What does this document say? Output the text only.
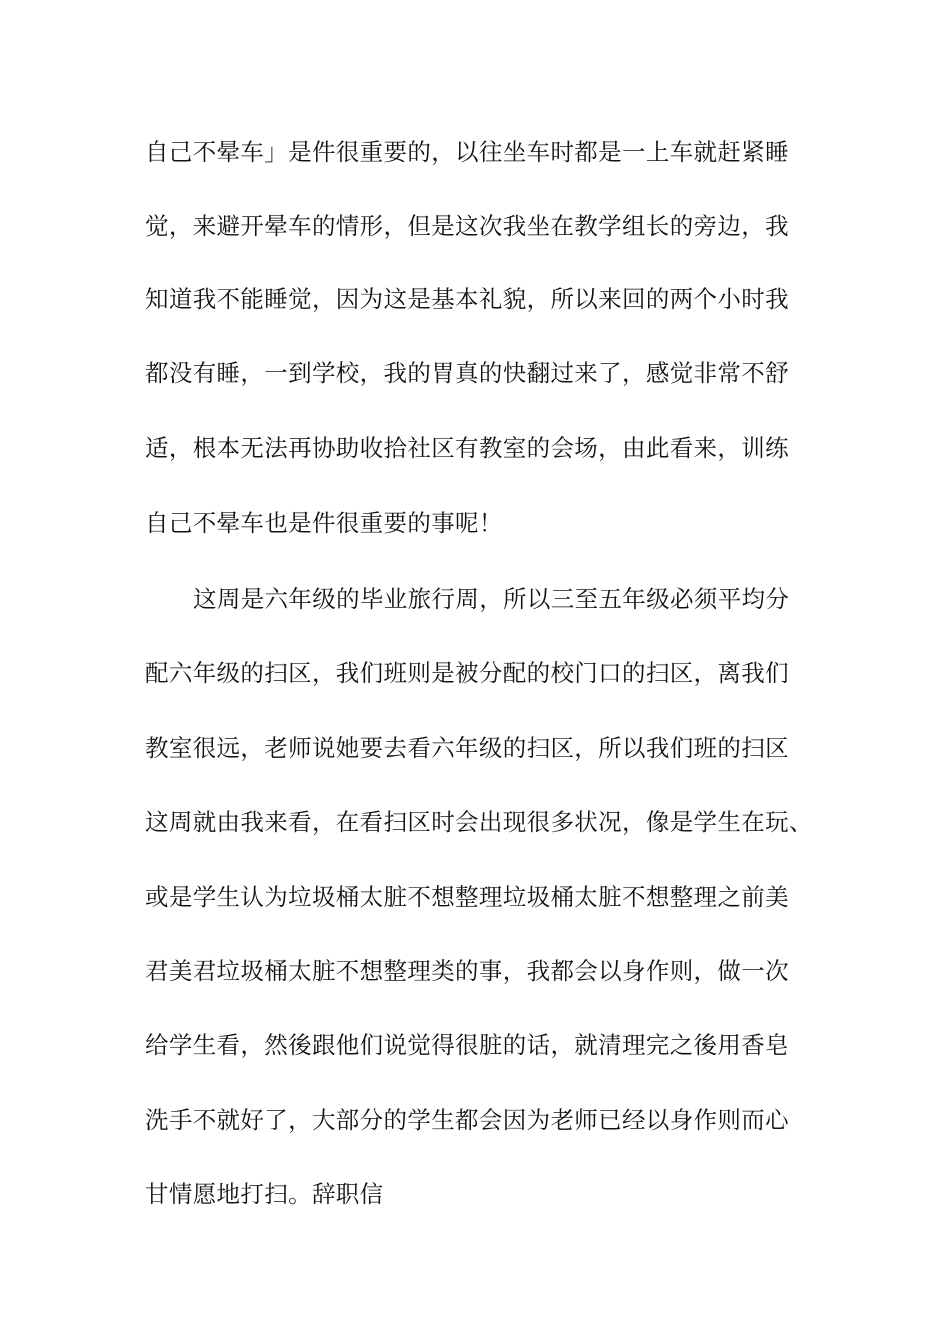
自己不晕车」是件很重要的，以往坐车时都是一上车就赶紧睡
觉，来避开晕车的情形，但是这次我坐在教学组长的旁边，我
知道我不能睡觉，因为这是基本礼貌，所以来回的两个小时我
都没有睡，一到学校，我的胃真的快翻过来了，感觉非常不舒
适，根本无法再协助收拾社区有教室的会场，由此看来，训练
自己不晕车也是件很重要的事呢！
这周是六年级的毕业旅行周，所以三至五年级必须平均分
配六年级的扫区，我们班则是被分配的校门口的扫区，离我们
教室很远，老师说她要去看六年级的扫区，所以我们班的扫区
这周就由我来看，在看扫区时会出现很多状况，像是学生在玩、
或是学生认为垃圾桶太脏不想整理垃圾桶太脏不想整理之前美
君美君垃圾桶太脏不想整理类的事，我都会以身作则，做一次
给学生看，然後跟他们说觉得很脏的话，就清理完之後用香皂
洗手不就好了，大部分的学生都会因为老师已经以身作则而心
甘情愿地打扫。辞职信
